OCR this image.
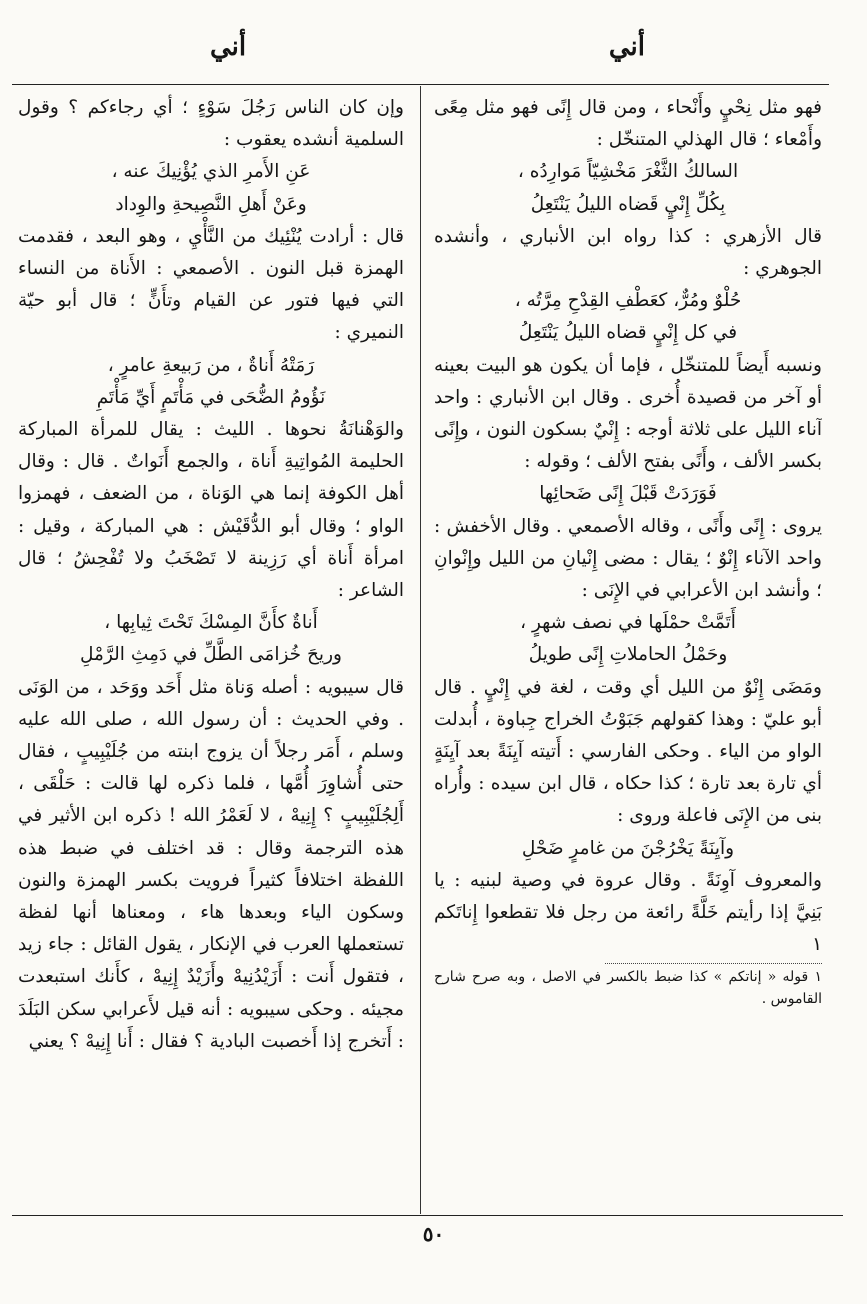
أني
أني

فهو مثل نِحْيٍ وأَنْحاء ، ومن قال إِنًى فهو مثل مِعًى وأَمْعاء ؛ قال الهذلي المتنخّل :

السالكُ الثَّغْرَ مَخْشِيّاً مَوارِدُه ،

بِكُلِّ إِنْيٍ قَضاه الليلُ يَنْتَعِلُ

قال الأزهري : كذا رواه ابن الأنباري ، وأنشده الجوهري :

حُلْوٌ ومُرٌّ، كعَطْفِ القِدْحِ مِرَّتُه ،

في كل إِنْيٍ قضاه الليلُ يَنْتَعِلُ

ونسبه أَيضاً للمتنخّل ، فإما أن يكون هو البيت بعينه أو آخر من قصيدة أُخرى . وقال ابن الأنباري : واحد آناء الليل على ثلاثة أوجه : إِنْيٌ بسكون النون ، وإِنًى بكسر الألف ، وأَنًى بفتح الألف ؛ وقوله :

فَوَرَدَتْ قَبْلَ إِنًى ضَحائِها

يروى : إِنًى وأَنًى ، وقاله الأصمعي . وقال الأخفش : واحد الآناء إِنْوٌ ؛ يقال : مضى إِنْيانِ من الليل وإِنْوانِ ؛ وأنشد ابن الأعرابي في الإِنَى :

أَتَمَّتْ حمْلَها في نصف شهرٍ ،

وحَمْلُ الحاملاتِ إِنًى طويلُ

ومَضَى إِنْوٌ من الليل أي وقت ، لغة في إِنْيٍ . قال أبو عليّ : وهذا كقولهم جَبَوْتُ الخراج جِباوة ، أُبدلت الواو من الياء . وحكى الفارسي : أَتيته آيِنَةً بعد آيِنَةٍ أي تارة بعد تارة ؛ كذا حكاه ، قال ابن سيده : وأُراه بنى من الإِنَى فاعلة وروى :

وآيِنَةً يَخْرُجْنَ من غامرٍ ضَحْلِ

والمعروف آوِنَةً . وقال عروة في وصية لبنيه : يا بَنِيَّ إذا رأيتم خَلَّةً رائعة من رجل فلا تقطعوا إِناتَكم ١

١ قوله « إناتكم » كذا ضبط بالكسر في الاصل ، وبه صرح شارح القاموس .

وإن كان الناس رَجُلَ سَوْءٍ ؛ أي رجاءكم ؟ وقول السلمية أنشده يعقوب :

عَنِ الأَمرِ الذي يُؤْنِيكَ عنه ،

وعَنْ أَهلِ النَّصِيحةِ والوِداد

قال : أرادت يُنْئِيك من النَّأْيِ ، وهو البعد ، فقدمت الهمزة قبل النون . الأصمعي : الأَناة من النساء التي فيها فتور عن القيام وتأَنٍّ ؛ قال أبو حيّة النميري :

رَمَتْهُ أَناةٌ ، من رَبيعةِ عامرٍ ،

نَؤُومُ الضُّحَى في مَأْتَمٍ أَيِّ مَأْتَمِ

والوَهْنانَةُ نحوها . الليث : يقال للمرأة المباركة الحليمة المُواتِيةِ أَناة ، والجمع أَنَواتٌ . قال : وقال أهل الكوفة إنما هي الوَناة ، من الضعف ، فهمزوا الواو ؛ وقال أبو الدُّقَيْش : هي المباركة ، وقيل : امرأة أَناة أي رَزِينة لا تَصْخَبُ ولا تُفْحِشُ ؛ قال الشاعر :

أَناةٌ كأَنَّ المِسْكَ تَحْتَ ثِيابِها ،

وريحَ خُزامَى الطَّلِّ في دَمِثِ الرَّمْلِ

قال سيبويه : أصله وَناة مثل أَحَد ووَحَد ، من الوَنَى . وفي الحديث : أن رسول الله ، صلى الله عليه وسلم ، أَمَر رجلاً أن يزوج ابنته من جُلَيْبِيبٍ ، فقال حتى أُشاوِرَ أُمَّها ، فلما ذكره لها قالت : حَلْقَى ، أَلِجُلَيْبِيبٍ ؟ إِنِيهْ ، لا لَعَمْرُ الله ! ذكره ابن الأثير في هذه الترجمة وقال : قد اختلف في ضبط هذه اللفظة اختلافاً كثيراً فرويت بكسر الهمزة والنون وسكون الياء وبعدها هاء ، ومعناها أنها لفظة تستعملها العرب في الإنكار ، يقول القائل : جاء زيد ، فتقول أَنت : أَزَيْدُنِيهْ وأَزَيْدٌ إِنِيهْ ، كأَنك استبعدت مجيئه . وحكى سيبويه : أنه قيل لأَعرابي سكن البَلَدَ : أَتخرج إذا أَخصبت البادية ؟ فقال : أَنا إِنِيهْ ؟ يعني

٥٠
